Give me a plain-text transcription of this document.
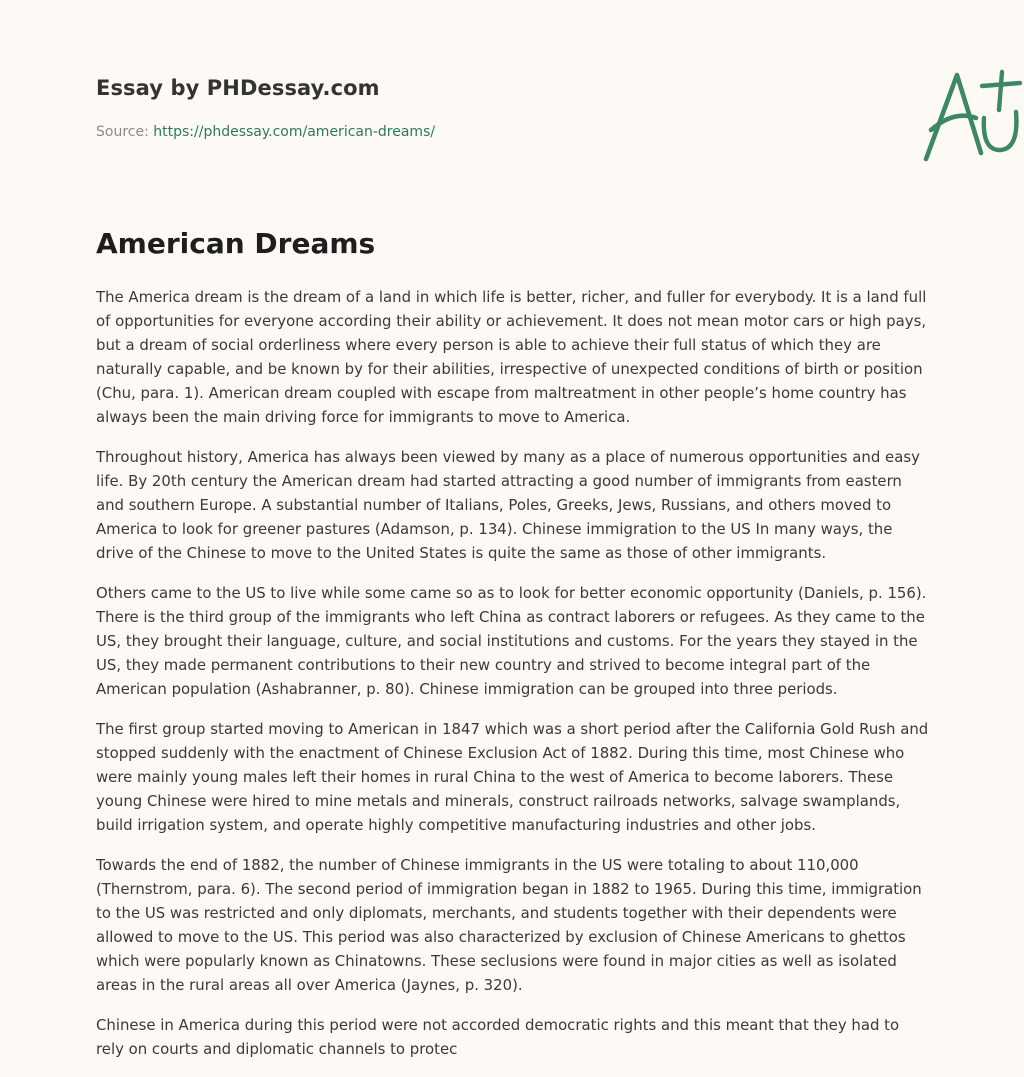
Essay by PHDessay.com
Source: https://phdessay.com/american-dreams/
American Dreams

The America dream is the dream of a land in which life is better, richer, and fuller for everybody. It is a land full of opportunities for everyone according their ability or achievement. It does not mean motor cars or high pays, but a dream of social orderliness where every person is able to achieve their full status of which they are naturally capable, and be known by for their abilities, irrespective of unexpected conditions of birth or position (Chu, para. 1). American dream coupled with escape from maltreatment in other people’s home country has always been the main driving force for immigrants to move to America.

Throughout history, America has always been viewed by many as a place of numerous opportunities and easy life. By 20th century the American dream had started attracting a good number of immigrants from eastern and southern Europe. A substantial number of Italians, Poles, Greeks, Jews, Russians, and others moved to America to look for greener pastures (Adamson, p. 134). Chinese immigration to the US In many ways, the drive of the Chinese to move to the United States is quite the same as those of other immigrants.

Others came to the US to live while some came so as to look for better economic opportunity (Daniels, p. 156). There is the third group of the immigrants who left China as contract laborers or refugees. As they came to the US, they brought their language, culture, and social institutions and customs. For the years they stayed in the US, they made permanent contributions to their new country and strived to become integral part of the American population (Ashabranner, p. 80). Chinese immigration can be grouped into three periods.

The first group started moving to American in 1847 which was a short period after the California Gold Rush and stopped suddenly with the enactment of Chinese Exclusion Act of 1882. During this time, most Chinese who were mainly young males left their homes in rural China to the west of America to become laborers. These young Chinese were hired to mine metals and minerals, construct railroads networks, salvage swamplands, build irrigation system, and operate highly competitive manufacturing industries and other jobs.

Towards the end of 1882, the number of Chinese immigrants in the US were totaling to about 110,000 (Thernstrom, para. 6). The second period of immigration began in 1882 to 1965. During this time, immigration to the US was restricted and only diplomats, merchants, and students together with their dependents were allowed to move to the US. This period was also characterized by exclusion of Chinese Americans to ghettos which were popularly known as Chinatowns. These seclusions were found in major cities as well as isolated areas in the rural areas all over America (Jaynes, p. 320).

Chinese in America during this period were not accorded democratic rights and this meant that they had to rely on courts and diplomatic channels to protec
